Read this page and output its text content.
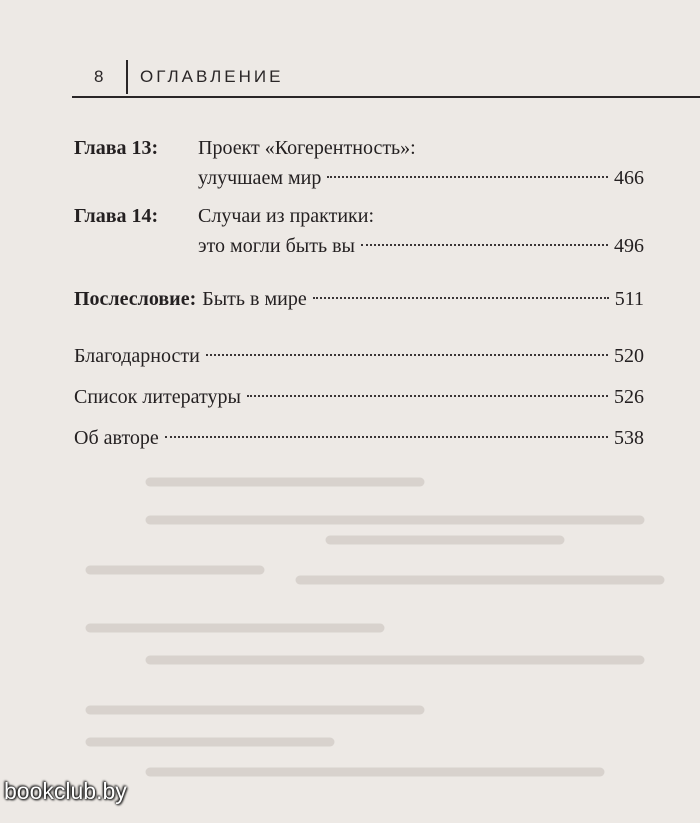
8	ОГЛАВЛЕНИЕ
Глава 13:	Проект «Когерентность»:
улучшаем мир	466
Глава 14:	Случаи из практики:
это могли быть вы	496
Послесловие: Быть в мире	511
Благодарности	520
Список литературы	526
Об авторе	538
bookclub.by
